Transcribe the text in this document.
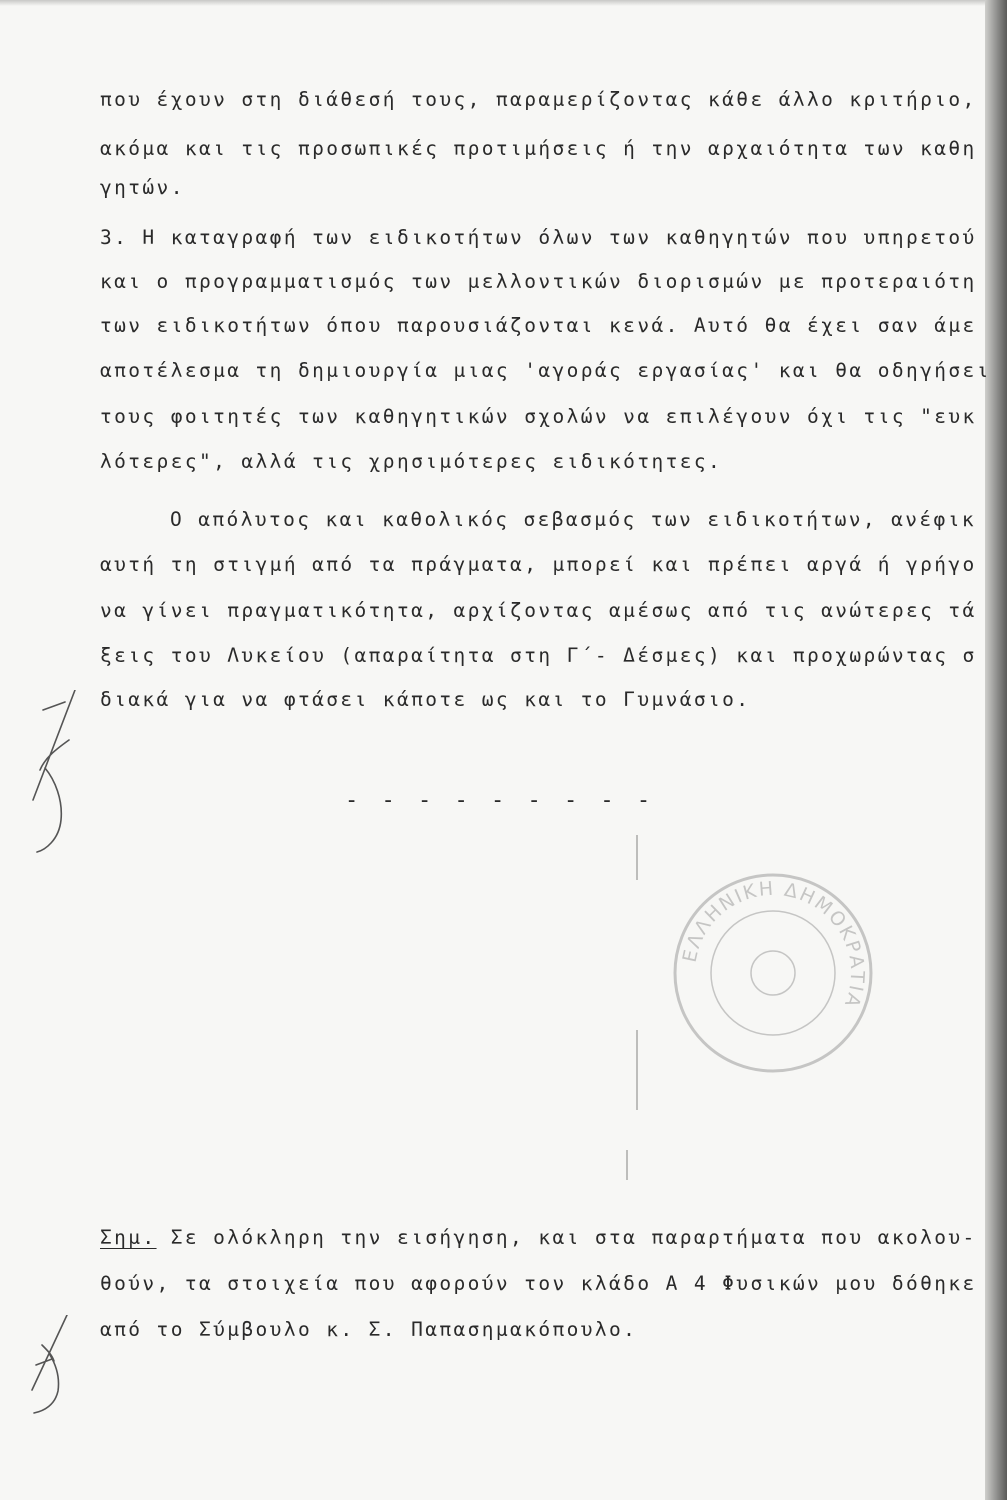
που έχουν στη διάθεσή τους, παραμερίζοντας κάθε άλλο κριτήριο,
ακόμα και τις προσωπικές προτιμήσεις ή την αρχαιότητα των καθη
γητών.
3. Η καταγραφή των ειδικοτήτων όλων των καθηγητών που υπηρετού
και ο προγραμματισμός των μελλοντικών διορισμών με προτεραιότη
των ειδικοτήτων όπου παρουσιάζονται κενά. Αυτό θα έχει σαν άμε
αποτέλεσμα τη δημιουργία μιας 'αγοράς εργασίας' και θα οδηγήσει
τους φοιτητές των καθηγητικών σχολών να επιλέγουν όχι τις "ευκ
λότερες", αλλά τις χρησιμότερες ειδικότητες.
Ο απόλυτος και καθολικός σεβασμός των ειδικοτήτων, ανέφικ
αυτή τη στιγμή από τα πράγματα, μπορεί και πρέπει αργά ή γρήγο
να γίνει πραγματικότητα, αρχίζοντας αμέσως από τις ανώτερες τά
ξεις του Λυκείου (απαραίτητα στη Γ΄- Δέσμες) και προχωρώντας σ
διακά για να φτάσει κάποτε ως και το Γυμνάσιο.
- - - - - - - - -
ΕΛΛΗΝΙΚΗ ΔΗΜΟΚΡΑΤΙΑ
Σημ. Σε ολόκληρη την εισήγηση, και στα παραρτήματα που ακολου-
θούν, τα στοιχεία που αφορούν τον κλάδο Α 4 Φυσικών μου δόθηκε
από το Σύμβουλο κ. Σ. Παπασημακόπουλο.
